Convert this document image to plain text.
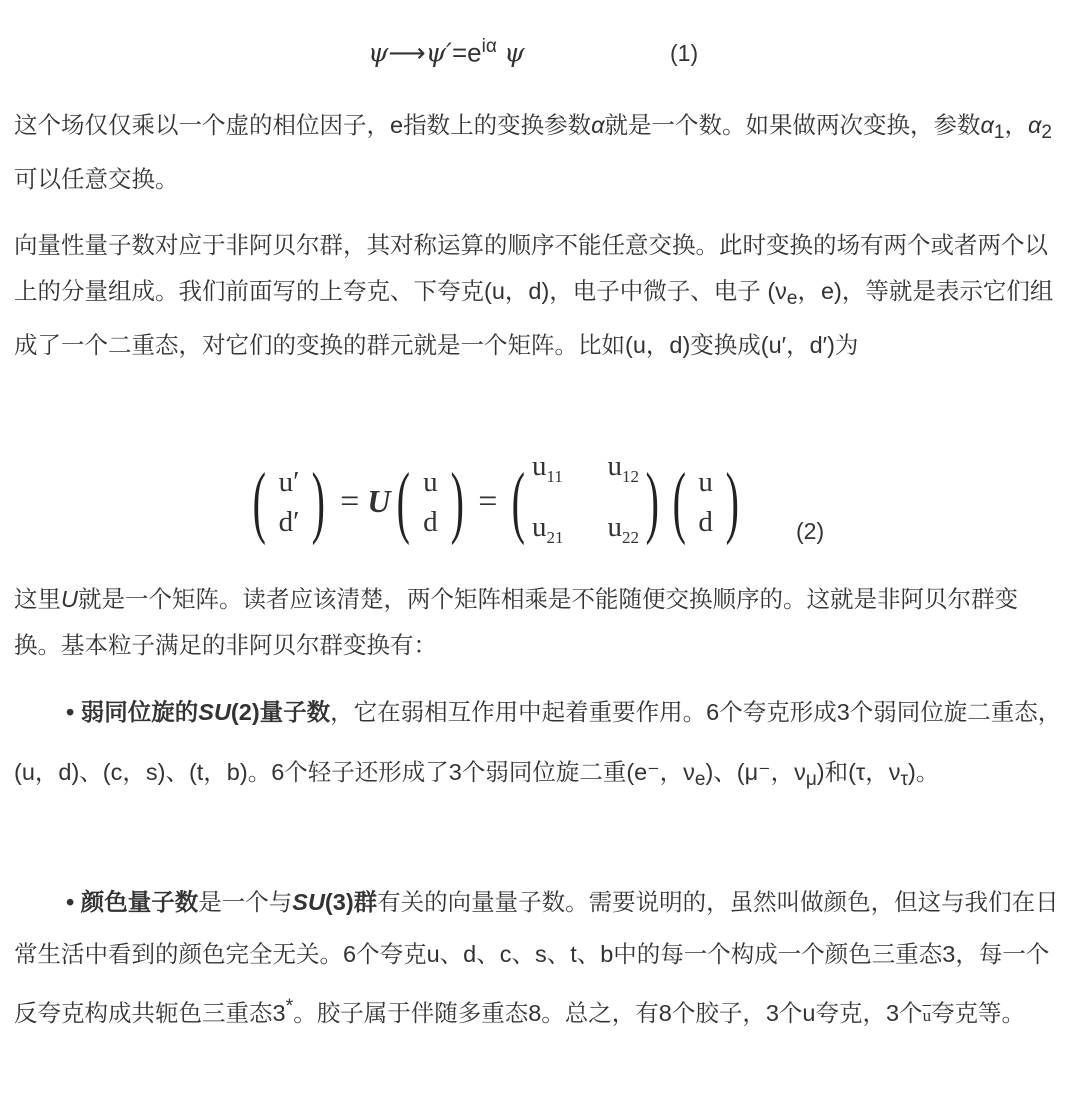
$\psi⟶\psi'=e^{i\alpha}$ ψ	(1)

这个场仅仅乘以一个虚的相位因子，e指数上的变换参数α就是一个数。如果做两次变换，参数$\alpha_1$，$\alpha_2$可以任意交换。

向量性量子数对应于非阿贝尔群，其对称运算的顺序不能任意交换。此时变换的场有两个或者两个以上的分量组成。我们前面写的上夸克、下夸克(u，d)，电子中微子、电子 ($\nu_e$，e)，等就是表示它们组成了一个二重态，对它们的变换的群元就是一个矩阵。比如(u，d)变换成(u′，d′)为

( u′
d′ ) = U ( u
d ) = ( $u_{11}$ $u_{12}$
$u_{21}$ $u_{22}$ ) ( u
d ) (2)

这里U就是一个矩阵。读者应该清楚，两个矩阵相乘是不能随便交换顺序的。这就是非阿贝尔群变换。基本粒子满足的非阿贝尔群变换有：

• 弱同位旋的SU(2)量子数，它在弱相互作用中起着重要作用。6个夸克形成3个弱同位旋二重态，(u，d)、(c，s)、(t，b)。6个轻子还形成了3个弱同位旋二重(e⁻，$\nu_e$)、(μ⁻，$\nu_\mu$)和(τ，$\nu_\tau$)。

• 颜色量子数是一个与SU(3)群有关的向量量子数。需要说明的，虽然叫做颜色，但这与我们在日常生活中看到的颜色完全无关。6个夸克u、d、c、s、t、b中的每一个构成一个颜色三重态3，每一个反夸克构成共轭色三重态3*。胶子属于伴随多重态8。总之，有8个胶子，3个u夸克，3个$\overline{u}$夸克等。
